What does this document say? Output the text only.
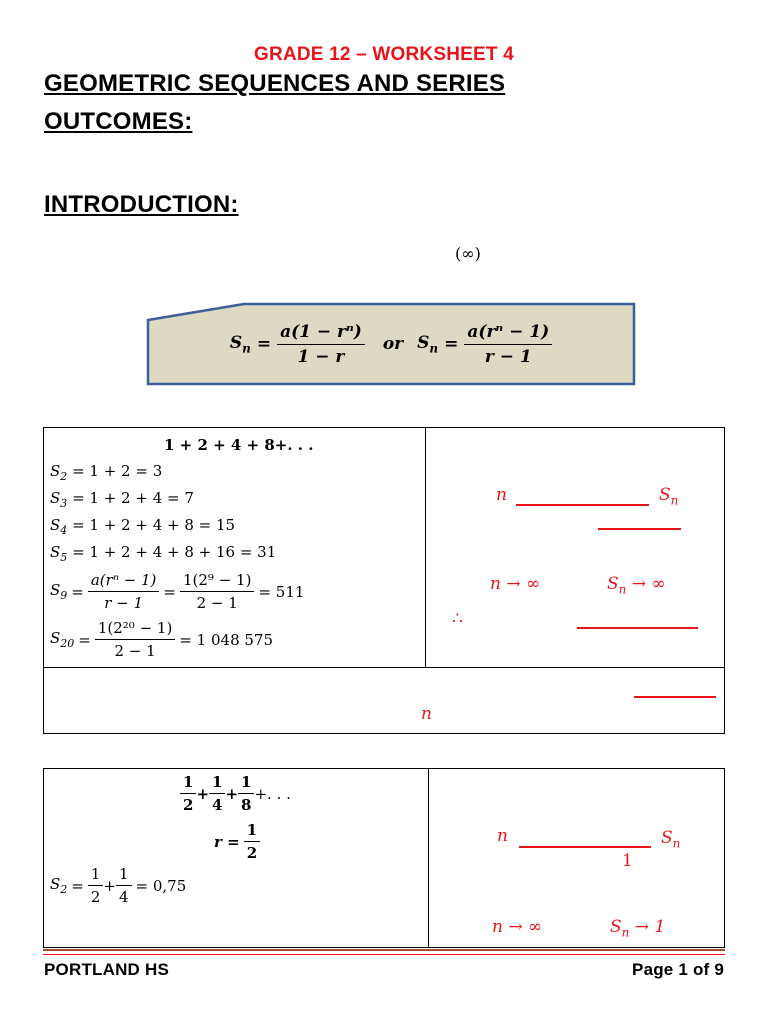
GRADE 12 – WORKSHEET 4
GEOMETRIC SEQUENCES AND SERIES
OUTCOMES:
INTRODUCTION:
(∞)
$S_n = \frac{\text{a(1 − rⁿ)}}{1 - r}$ or $S_n = \frac{\text{a(rⁿ − 1)}}{r - 1}$
1 + 2 + 4 + 8+. . .
$S_2 = 1 + 2 = 3$
$S_3 = 1 + 2 + 4 = 7$
$S_4 = 1 + 2 + 4 + 8 = 15$
$S_5 = 1 + 2 + 4 + 8 + 16 = 31$
$S_9 = \frac{\text{a(rⁿ − 1)}}{r - 1} = \frac{\text{1(2⁹ − 1)}}{2 - 1} = 511$
$S_{20} = \frac{\text{1(2²⁰ − 1)}}{2 - 1} = 1$ 048 575
n	$S_n$
n → ∞	$S_n$ → ∞
∴
n
$\frac{1}{2} + \frac{1}{4} + \frac{1}{8}$ +. . .
$r = \frac{1}{2}$
$S_2 = \frac{1}{2} + \frac{1}{4} = 0,75$
n	$S_n$
1
n → ∞	$S_n \to 1$
PORTLAND HS	Page 1 of 9
